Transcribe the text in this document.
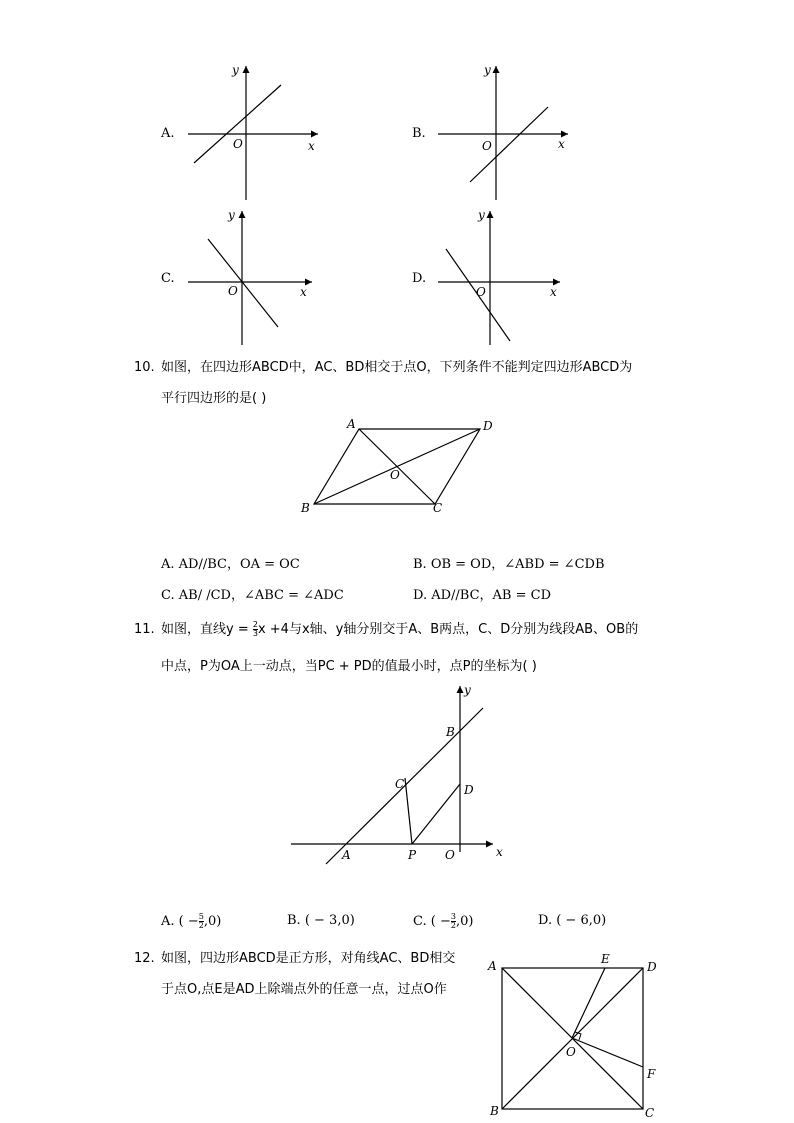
A.
y
x
O
B.
y
x
O
C.
y
x
O
D.
y
x
O
10. 如图，在四边形ABCD中，AC、BD相交于点O，下列条件不能判定四边形ABCD为
平行四边形的是( )
A	D
O
B	C
A. AD//BC，OA = OC	B. OB = OD，∠ABD = ∠CDB
C. AB/ /CD，∠ABC = ∠ADC	D. AD//BC，AB = CD
11. 如图，直线$y = \frac{2}{3}$ x +4与x轴、y轴分别交于A、B两点，C、D分别为线段AB、OB的
中点，P为OA上一动点，当PC + PD的值最小时，点P的坐标为( )
y
B
C	D
A	P O	x
A. ( − $\frac{5}{2} ,0$)	B. ( − 3,0)	C. ( − $\frac{3}{2} ,0$)	D. ( − 6,0)
12. 如图，四边形ABCD是正方形，对角线AC、BD相交
于点O,点E是AD上除端点外的任意一点，过点O作
A	E
D
O
F
B	C
